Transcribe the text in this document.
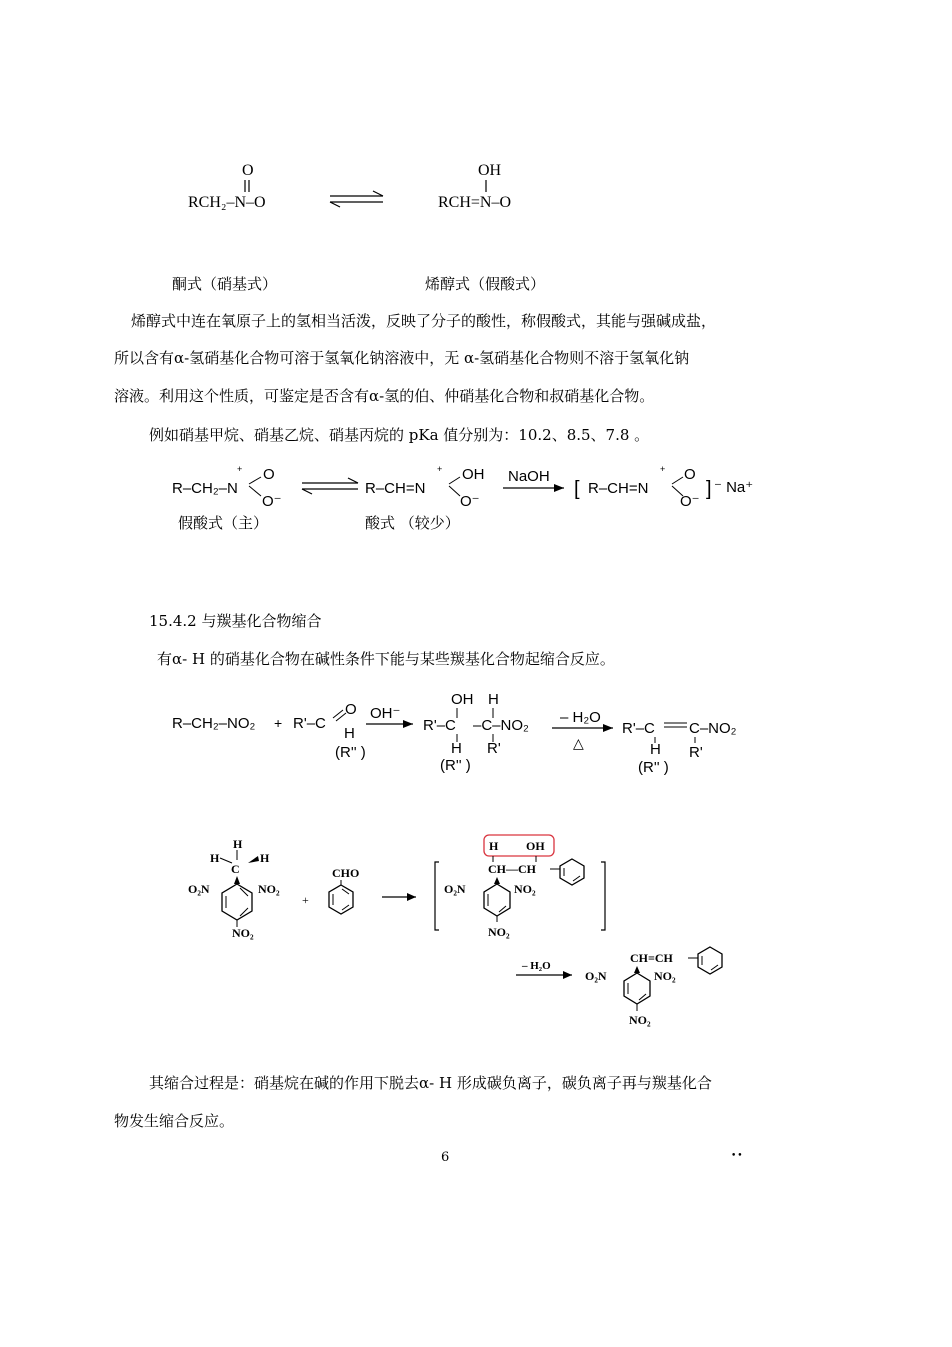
O
RCH₂–N–O
OH
RCH=N–O
酮式（硝基式）	烯醇式（假酸式）
烯醇式中连在氧原子上的氢相当活泼，反映了分子的酸性，称假酸式，其能与强碱成盐，
所以含有α-氢硝基化合物可溶于氢氧化钠溶液中，无 α-氢硝基化合物则不溶于氢氧化钠
溶液。利用这个性质，可鉴定是否含有α-氢的伯、仲硝基化合物和叔硝基化合物。
例如硝基甲烷、硝基乙烷、硝基丙烷的 pKa 值分别为：10.2、8.5、7.8 。
R–CH₂–N
+ O
O⁻
R–CH=N
+ OH
O⁻
NaOH
[ R–CH=N
+ O
O⁻
] ⁻ Na⁺
假酸式（主）	酸式 （较少）
15.4.2 与羰基化合物缩合
有α- H 的硝基化合物在碱性条件下能与某些羰基化合物起缩合反应。
R–CH₂–NO₂ + R'–C
O
H
(R'' )
OH⁻
OH H
R'–C –C–NO₂
H R'
(R'' )
– H₂O
△
R'–C C–NO₂
H R'
(R'' )
H
H	H
C
O₂N	NO₂
NO₂
+
CHO
H OH
CH—CH
O₂N	NO₂
NO₂
– H₂O
CH=CH
O₂N	NO₂
NO₂
其缩合过程是：硝基烷在碱的作用下脱去α- H 形成碳负离子，碳负离子再与羰基化合
物发生缩合反应。
6	••
